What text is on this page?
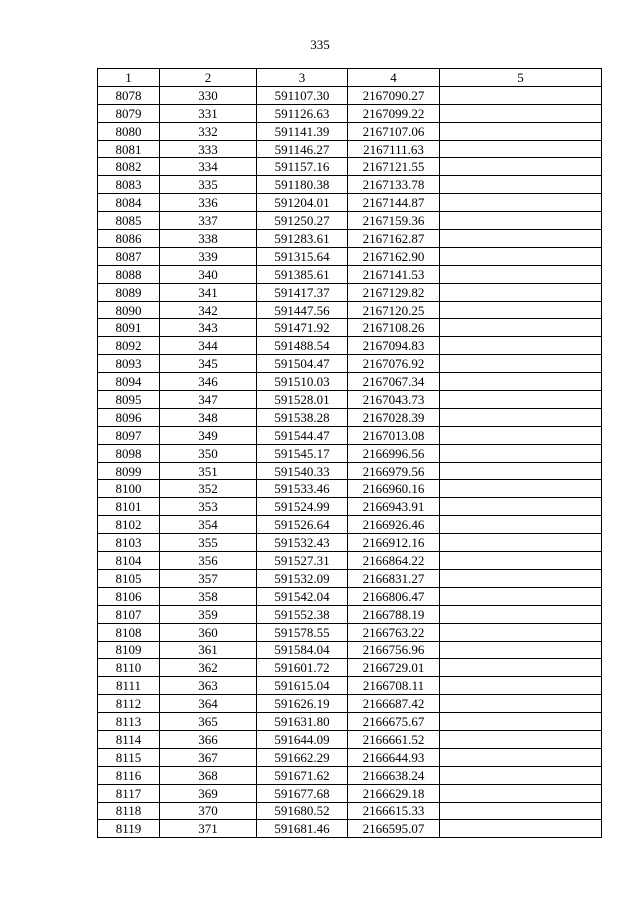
335
1	2	3	4	5
8078	330	591107.30	2167090.27	
8079	331	591126.63	2167099.22	
8080	332	591141.39	2167107.06	
8081	333	591146.27	2167111.63	
8082	334	591157.16	2167121.55	
8083	335	591180.38	2167133.78	
8084	336	591204.01	2167144.87	
8085	337	591250.27	2167159.36	
8086	338	591283.61	2167162.87	
8087	339	591315.64	2167162.90	
8088	340	591385.61	2167141.53	
8089	341	591417.37	2167129.82	
8090	342	591447.56	2167120.25	
8091	343	591471.92	2167108.26	
8092	344	591488.54	2167094.83	
8093	345	591504.47	2167076.92	
8094	346	591510.03	2167067.34	
8095	347	591528.01	2167043.73	
8096	348	591538.28	2167028.39	
8097	349	591544.47	2167013.08	
8098	350	591545.17	2166996.56	
8099	351	591540.33	2166979.56	
8100	352	591533.46	2166960.16	
8101	353	591524.99	2166943.91	
8102	354	591526.64	2166926.46	
8103	355	591532.43	2166912.16	
8104	356	591527.31	2166864.22	
8105	357	591532.09	2166831.27	
8106	358	591542.04	2166806.47	
8107	359	591552.38	2166788.19	
8108	360	591578.55	2166763.22	
8109	361	591584.04	2166756.96	
8110	362	591601.72	2166729.01	
8111	363	591615.04	2166708.11	
8112	364	591626.19	2166687.42	
8113	365	591631.80	2166675.67	
8114	366	591644.09	2166661.52	
8115	367	591662.29	2166644.93	
8116	368	591671.62	2166638.24	
8117	369	591677.68	2166629.18	
8118	370	591680.52	2166615.33	
8119	371	591681.46	2166595.07	
